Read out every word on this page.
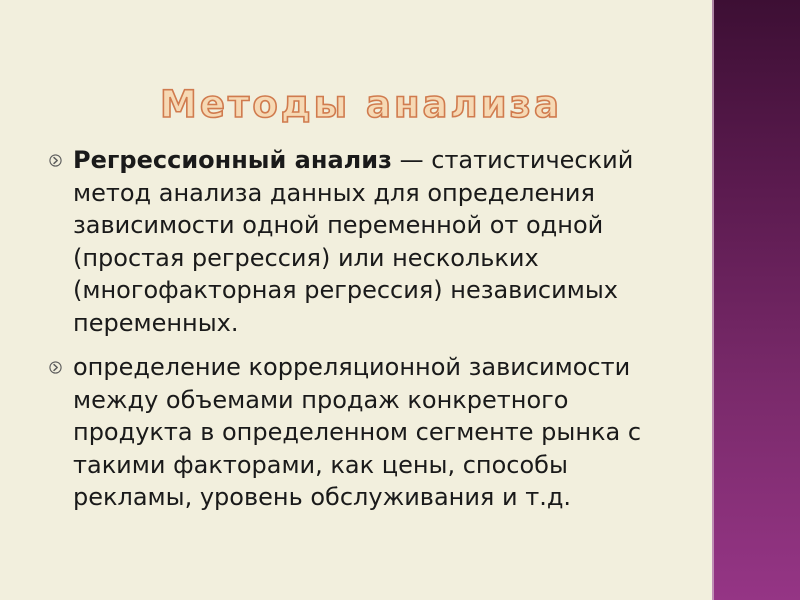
Методы анализа
Регрессионный анализ — статистический метод анализа данных для определения зависимости одной переменной от одной (простая регрессия) или нескольких (многофакторная регрессия) независимых переменных.
определение корреляционной зависимости между объемами продаж конкретного продукта в определенном сегменте рынка с такими факторами, как цены, способы рекламы, уровень обслуживания и т.д.
